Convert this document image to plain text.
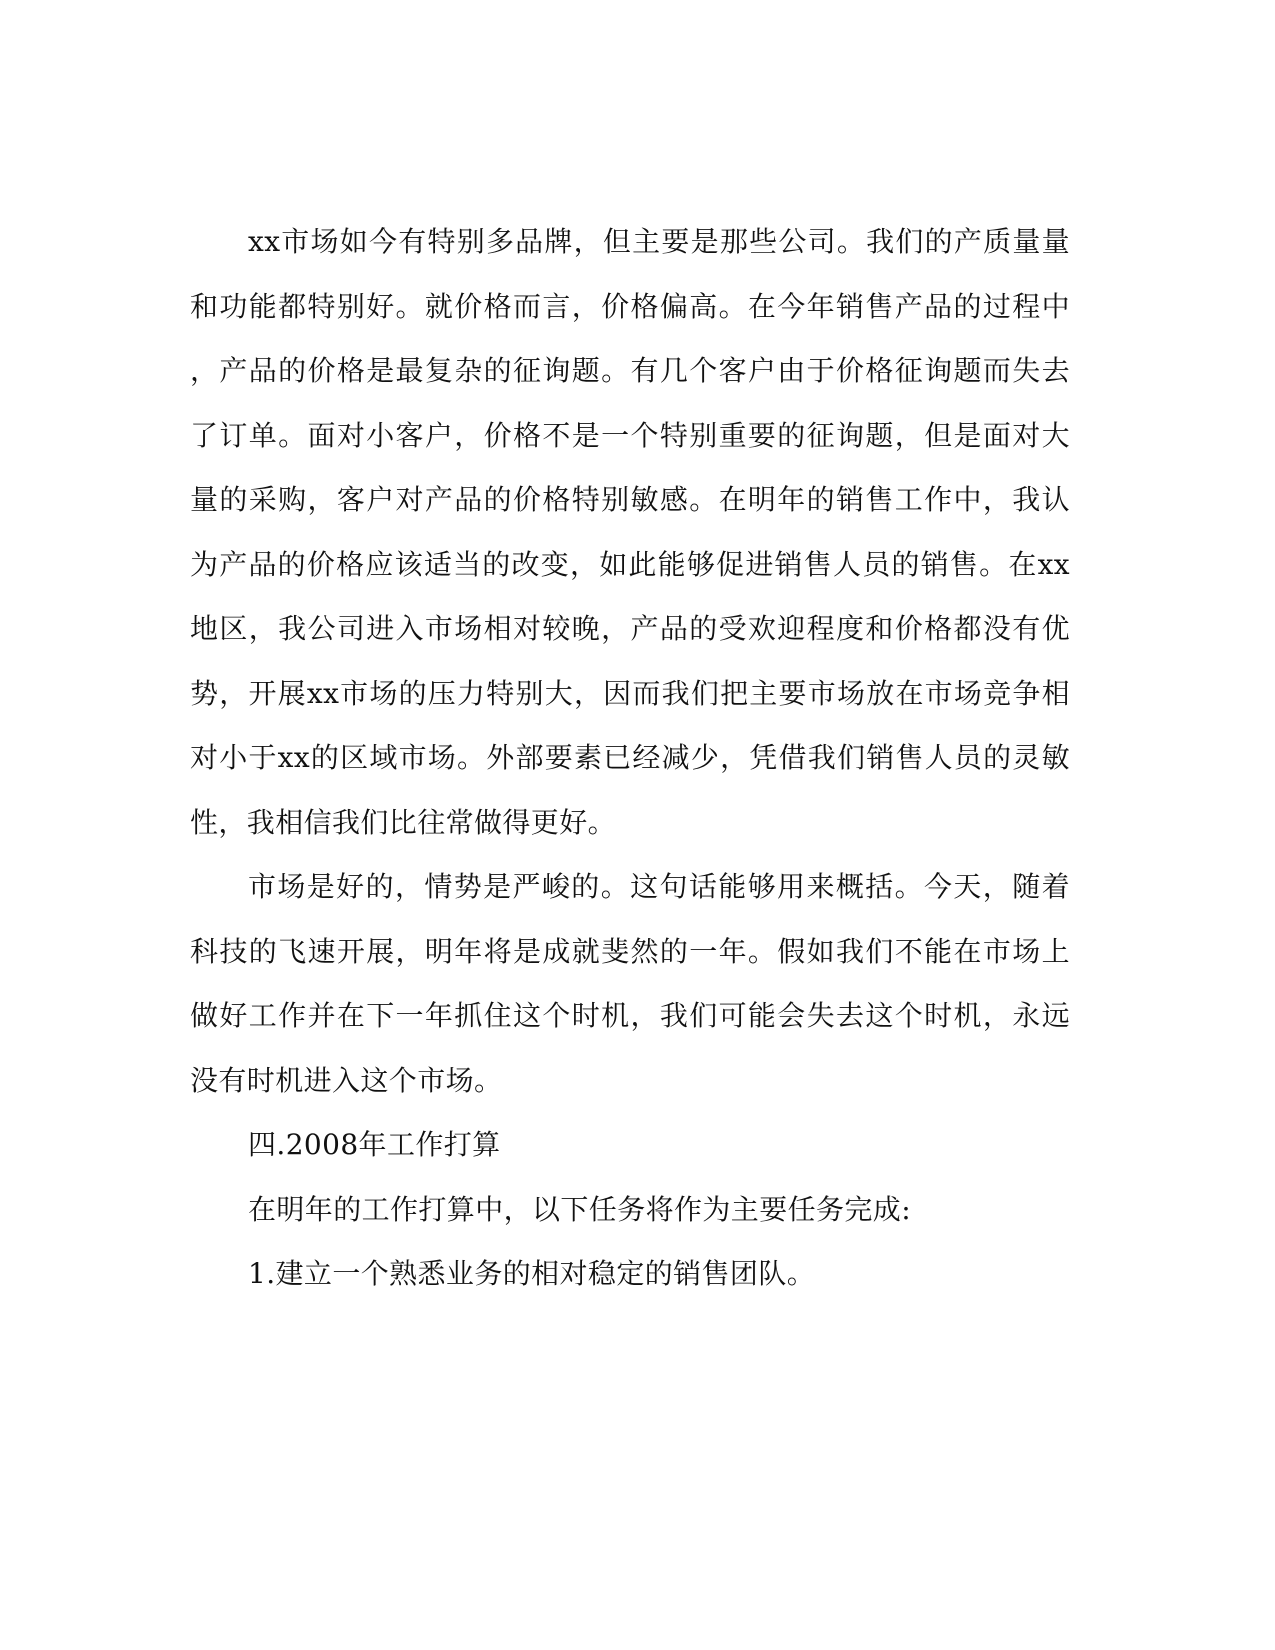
xx市场如今有特别多品牌，但主要是那些公司。我们的产质量量
和功能都特别好。就价格而言，价格偏高。在今年销售产品的过程中
，产品的价格是最复杂的征询题。有几个客户由于价格征询题而失去
了订单。面对小客户，价格不是一个特别重要的征询题，但是面对大
量的采购，客户对产品的价格特别敏感。在明年的销售工作中，我认
为产品的价格应该适当的改变，如此能够促进销售人员的销售。在xx
地区，我公司进入市场相对较晚，产品的受欢迎程度和价格都没有优
势，开展xx市场的压力特别大，因而我们把主要市场放在市场竞争相
对小于xx的区域市场。外部要素已经减少，凭借我们销售人员的灵敏
性，我相信我们比往常做得更好。
市场是好的，情势是严峻的。这句话能够用来概括。今天，随着
科技的飞速开展，明年将是成就斐然的一年。假如我们不能在市场上
做好工作并在下一年抓住这个时机，我们可能会失去这个时机，永远
没有时机进入这个市场。
四.2008年工作打算
在明年的工作打算中，以下任务将作为主要任务完成:
1.建立一个熟悉业务的相对稳定的销售团队。
